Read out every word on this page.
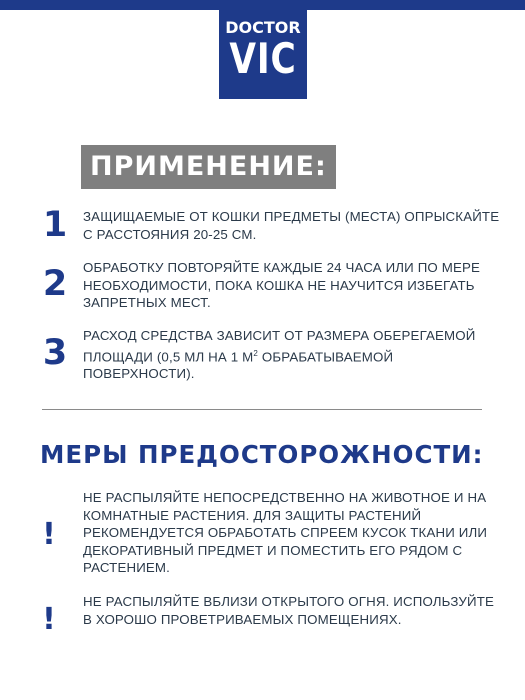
DOCTOR
VIC
ПРИМЕНЕНИЕ:
1 ЗАЩИЩАЕМЫЕ ОТ КОШКИ ПРЕДМЕТЫ (МЕСТА) ОПРЫСКАЙТЕ С РАССТОЯНИЯ 20-25 СМ.
2 ОБРАБОТКУ ПОВТОРЯЙТЕ КАЖДЫЕ 24 ЧАСА ИЛИ ПО МЕРЕ НЕОБХОДИМОСТИ, ПОКА КОШКА НЕ НАУЧИТСЯ ИЗБЕГАТЬ ЗАПРЕТНЫХ МЕСТ.
3 РАСХОД СРЕДСТВА ЗАВИСИТ ОТ РАЗМЕРА ОБЕРЕГАЕМОЙ ПЛОЩАДИ (0,5 МЛ НА 1 $М^2$ ОБРАБАТЫВАЕМОЙ ПОВЕРХНОСТИ).
МЕРЫ ПРЕДОСТОРОЖНОСТИ:
!
НЕ РАСПЫЛЯЙТЕ НЕПОСРЕДСТВЕННО НА ЖИВОТНОЕ И НА КОМНАТНЫЕ РАСТЕНИЯ. ДЛЯ ЗАЩИТЫ РАСТЕНИЙ РЕКОМЕНДУЕТСЯ ОБРАБОТАТЬ СПРЕЕМ КУСОК ТКАНИ ИЛИ ДЕКОРАТИВНЫЙ ПРЕДМЕТ И ПОМЕСТИТЬ ЕГО РЯДОМ С РАСТЕНИЕМ.
!
НЕ РАСПЫЛЯЙТЕ ВБЛИЗИ ОТКРЫТОГО ОГНЯ. ИСПОЛЬЗУЙТЕ В ХОРОШО ПРОВЕТРИВАЕМЫХ ПОМЕЩЕНИЯХ.
